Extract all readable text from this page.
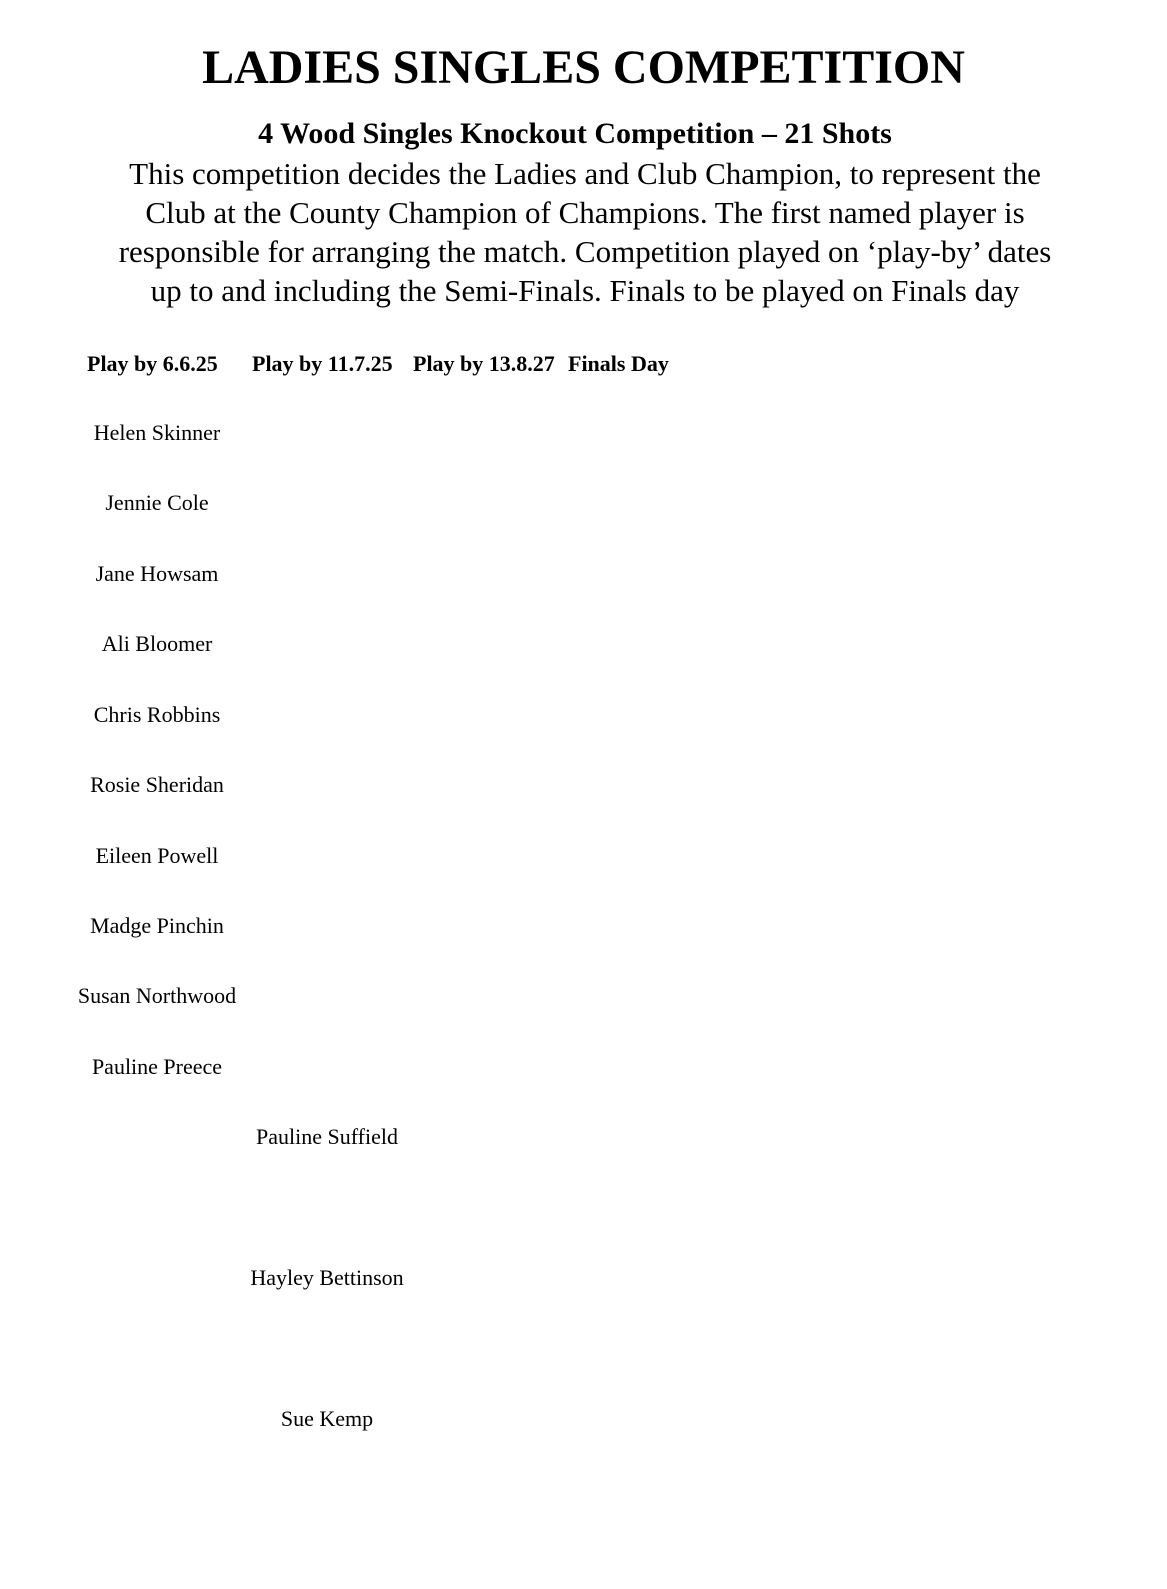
LADIES SINGLES COMPETITION
4 Wood Singles Knockout Competition – 21 Shots
This competition decides the Ladies and Club Champion, to represent the
Club at the County Champion of Champions. The first named player is
responsible for arranging the match. Competition played on ‘play-by’ dates
up to and including the Semi-Finals. Finals to be played on Finals day
Play by 6.6.25 Play by 11.7.25 Play by 13.8.27 Finals Day
Helen Skinner
Jennie Cole
Jane Howsam
Ali Bloomer
Chris Robbins
Rosie Sheridan
Eileen Powell
Madge Pinchin
Susan Northwood
Pauline Preece
Pauline Suffield
Hayley Bettinson
Sue Kemp
